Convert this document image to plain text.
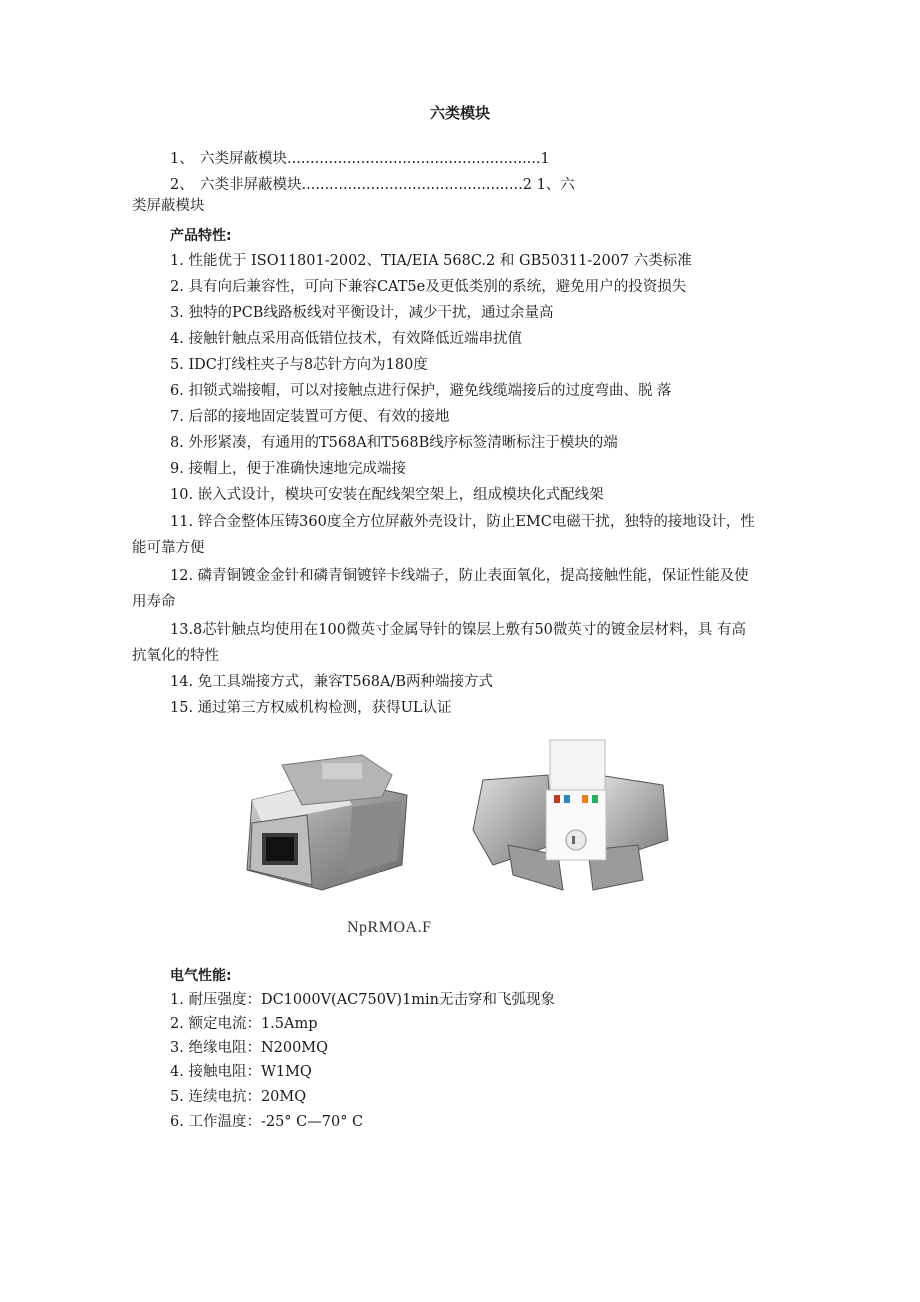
六类模块
1、 六类屏蔽模块.......................................................1
2、 六类非屏蔽模块................................................2 1、六
类屏蔽模块
产品特性:
1. 性能优于 ISO11801-2002、TIA/EIA 568C.2 和 GB50311-2007 六类标准
2. 具有向后兼容性，可向下兼容CAT5e及更低类别的系统，避免用户的投资损失
3. 独特的PCB线路板线对平衡设计，减少干扰，通过余量高
4. 接触针触点采用高低错位技术，有效降低近端串扰值
5. IDC打线柱夹子与8芯针方向为180度
6. 扣锁式端接帽，可以对接触点进行保护，避免线缆端接后的过度弯曲、脱 落
7. 后部的接地固定装置可方便、有效的接地
8. 外形紧凑，有通用的T568A和T568B线序标签清晰标注于模块的端
9. 接帽上，便于准确快速地完成端接
10. 嵌入式设计，模块可安装在配线架空架上，组成模块化式配线架
11. 锌合金整体压铸360度全方位屏蔽外壳设计，防止EMC电磁干扰，独特的接地设计，性能可靠方便
12. 磷青铜镀金金针和磷青铜镀锌卡线端子，防止表面氧化，提高接触性能，保证性能及使用寿命
13.8芯针触点均使用在100微英寸金属导针的镍层上敷有50微英寸的镀金层材料，具 有高抗氧化的特性
14. 免工具端接方式，兼容T568A/B两种端接方式
15. 通过第三方权威机构检测，获得UL认证
NpRMOA.F
电气性能:
1. 耐压强度：DC1000V(AC750V)1min无击穿和飞弧现象
2. 额定电流：1.5Amp
3. 绝缘电阻：N200MQ
4. 接触电阻：W1MQ
5. 连续电抗：20MQ
6. 工作温度：-25° C—70° C
